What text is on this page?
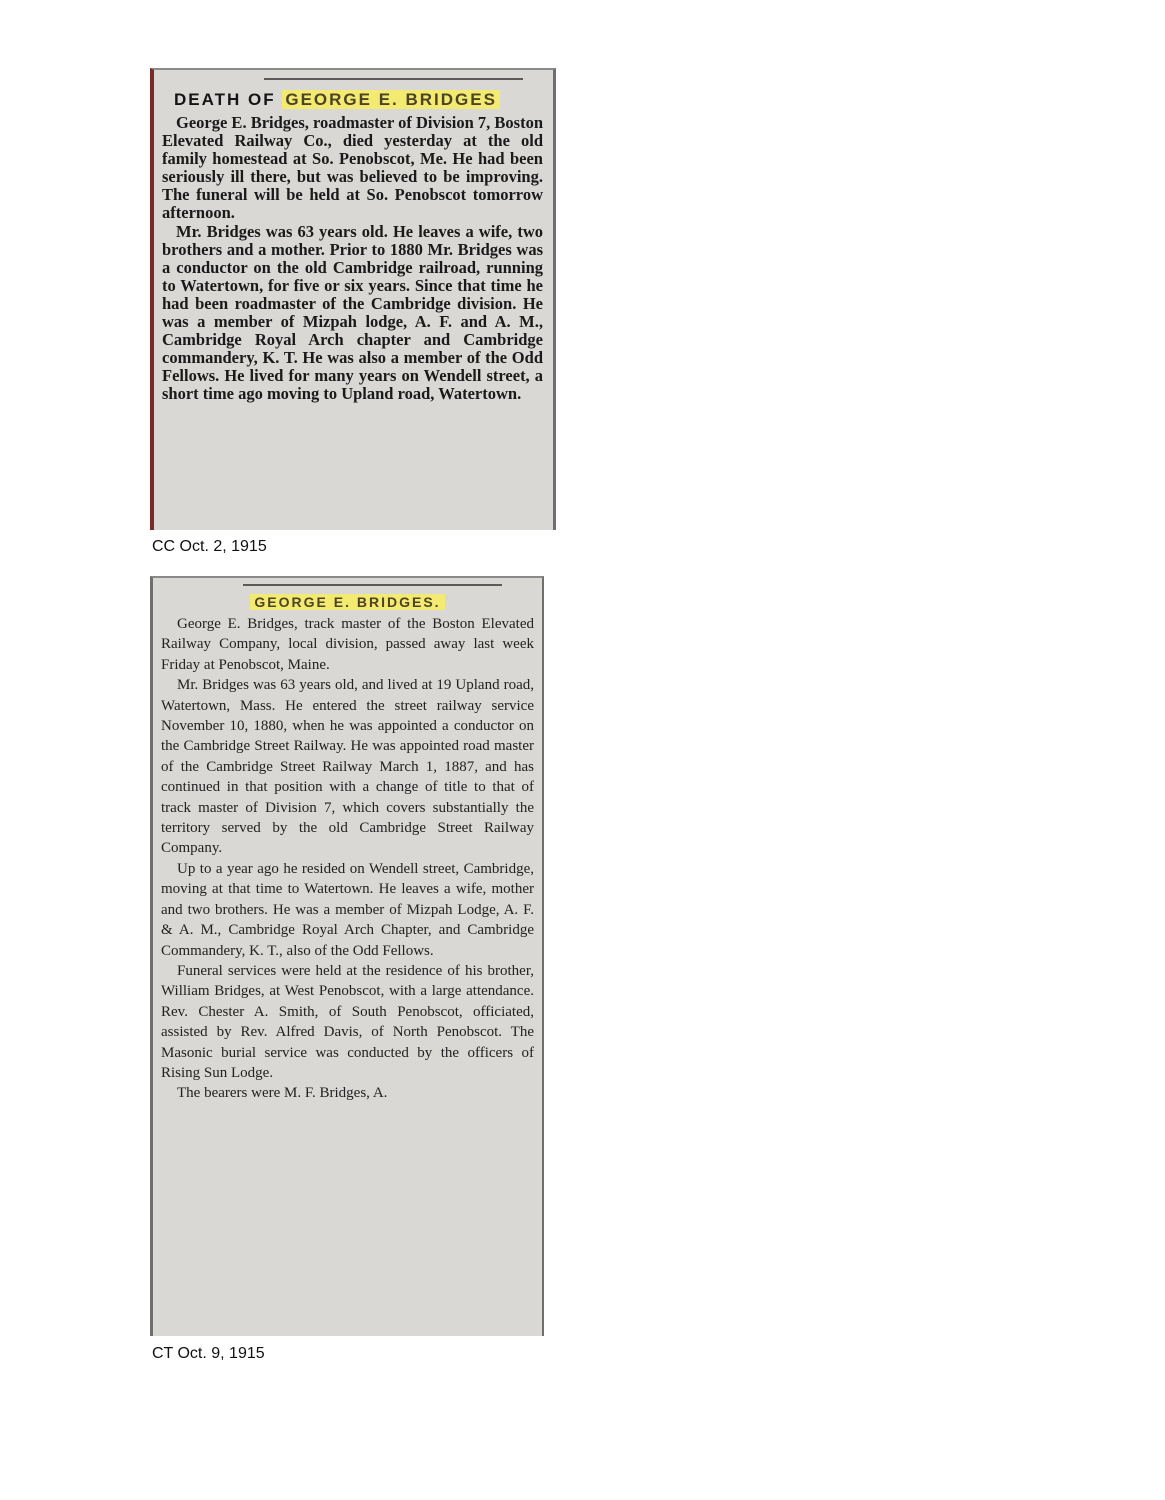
DEATH OF GEORGE E. BRIDGES

George E. Bridges, roadmaster of Division 7, Boston Elevated Railway Co., died yesterday at the old family homestead at So. Penobscot, Me. He had been seriously ill there, but was believed to be improving. The funeral will be held at So. Penobscot tomorrow afternoon.

Mr. Bridges was 63 years old. He leaves a wife, two brothers and a mother. Prior to 1880 Mr. Bridges was a conductor on the old Cambridge railroad, running to Watertown, for five or six years. Since that time he had been roadmaster of the Cambridge division. He was a member of Mizpah lodge, A. F. and A. M., Cambridge Royal Arch chapter and Cambridge commandery, K. T. He was also a member of the Odd Fellows. He lived for many years on Wendell street, a short time ago moving to Upland road, Watertown.

CC Oct. 2, 1915
GEORGE E. BRIDGES.

George E. Bridges, track master of the Boston Elevated Railway Company, local division, passed away last week Friday at Penobscot, Maine.

Mr. Bridges was 63 years old, and lived at 19 Upland road, Watertown, Mass. He entered the street railway service November 10, 1880, when he was appointed a conductor on the Cambridge Street Railway. He was appointed road master of the Cambridge Street Railway March 1, 1887, and has continued in that position with a change of title to that of track master of Division 7, which covers substantially the territory served by the old Cambridge Street Railway Company.

Up to a year ago he resided on Wendell street, Cambridge, moving at that time to Watertown. He leaves a wife, mother and two brothers. He was a member of Mizpah Lodge, A. F. & A. M., Cambridge Royal Arch Chapter, and Cambridge Commandery, K. T., also of the Odd Fellows.

Funeral services were held at the residence of his brother, William Bridges, at West Penobscot, with a large attendance. Rev. Chester A. Smith, of South Penobscot, officiated, assisted by Rev. Alfred Davis, of North Penobscot. The Masonic burial service was conducted by the officers of Rising Sun Lodge.

The bearers were M. F. Bridges, A.

CT Oct. 9, 1915
